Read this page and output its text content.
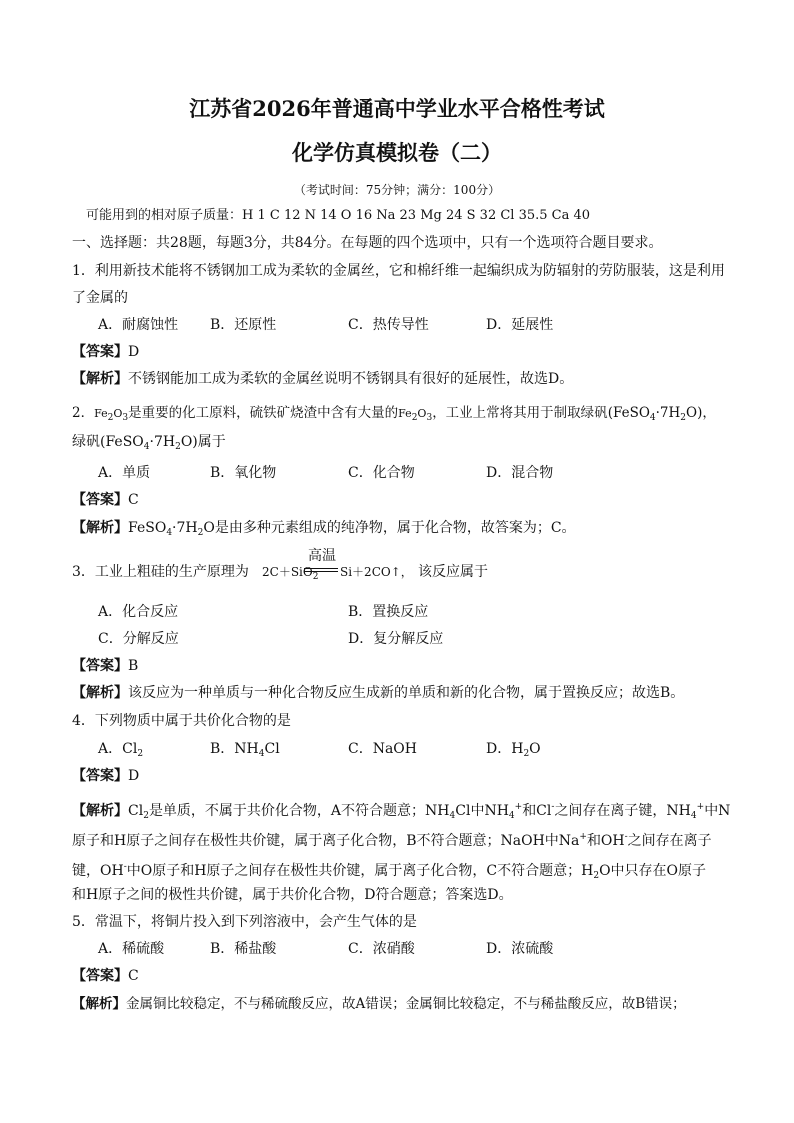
江苏省2026年普通高中学业水平合格性考试
化学仿真模拟卷（二）
（考试时间：75分钟；满分：100分）
可能用到的相对原子质量：H 1 C 12 N 14 O 16 Na 23 Mg 24 S 32 Cl 35.5 Ca 40
一、选择题：共28题，每题3分，共84分。在每题的四个选项中，只有一个选项符合题目要求。
1．利用新技术能将不锈钢加工成为柔软的金属丝，它和棉纤维一起编织成为防辐射的劳防服装，这是利用
了金属的
A．耐腐蚀性 B．还原性	C．热传导性	D．延展性
【答案】D
【解析】不锈钢能加工成为柔软的金属丝说明不锈钢具有很好的延展性，故选D。
2．$Fe_2O_3$是重要的化工原料，硫铁矿烧渣中含有大量的$Fe_2O_3$，工业上常将其用于制取绿矾$(FeSO_4\cdot 7H_2O)$，
绿矾$(FeSO_4\cdot 7H_2O)$属于
A．单质	B．氧化物	C．化合物	D．混合物
【答案】C
【解析】$FeSO_4\cdot 7H_2O$是由多种元素组成的纯净物，属于化合物，故答案为；C。
3．工业上粗硅的生产原理为	2C＋SiO$_2$
高温
Si＋2CO↑， 该反应属于
A．化合反应	B．置换反应
C．分解反应	D．复分解反应
【答案】B
【解析】该反应为一种单质与一种化合物反应生成新的单质和新的化合物，属于置换反应；故选B。
4．下列物质中属于共价化合物的是
A．$Cl_2$	B．$NH_4Cl$	C．NaOH	D．$H_2O$
【答案】D
【解析】$Cl_2$是单质，不属于共价化合物，A不符合题意；$NH_4Cl$中$NH_4^+$和Cl-之间存在离子键，$NH_4^+$中N
原子和H原子之间存在极性共价键，属于离子化合物，B不符合题意；NaOH中Na+和OH-之间存在离子
键，OH-中O原子和H原子之间存在极性共价键，属于离子化合物，C不符合题意；$H_2O$中只存在O原子
和H原子之间的极性共价键，属于共价化合物，D符合题意；答案选D。
5．常温下，将铜片投入到下列溶液中，会产生气体的是
A．稀硫酸	B．稀盐酸	C．浓硝酸	D．浓硫酸
【答案】C
【解析】金属铜比较稳定，不与稀硫酸反应，故A错误；金属铜比较稳定，不与稀盐酸反应，故B错误；
